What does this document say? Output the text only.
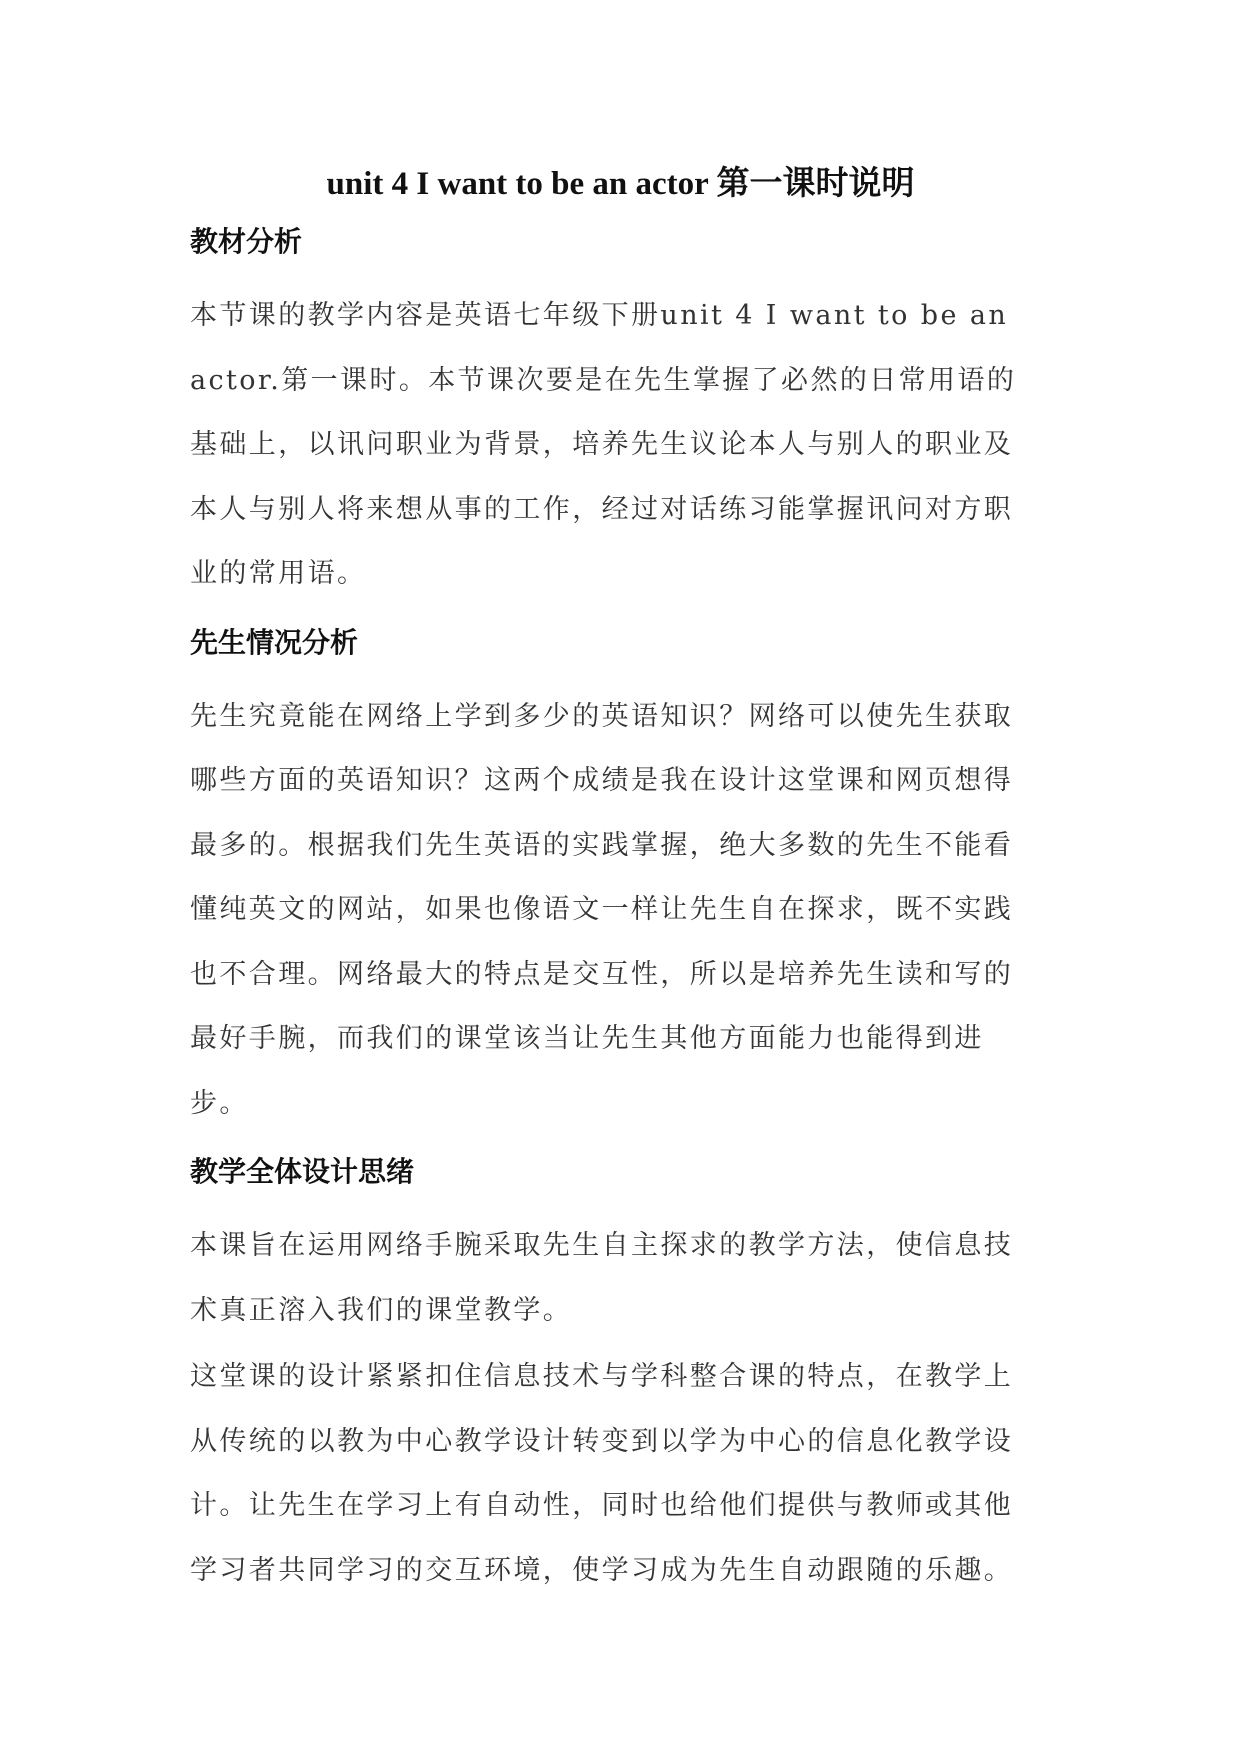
unit 4 I want to be an actor 第一课时说明
教材分析
本节课的教学内容是英语七年级下册unit 4 I want to be an
actor.第一课时。本节课次要是在先生掌握了必然的日常用语的
基础上，以讯问职业为背景，培养先生议论本人与别人的职业及
本人与别人将来想从事的工作，经过对话练习能掌握讯问对方职
业的常用语。
先生情况分析
先生究竟能在网络上学到多少的英语知识？网络可以使先生获取
哪些方面的英语知识？这两个成绩是我在设计这堂课和网页想得
最多的。根据我们先生英语的实践掌握，绝大多数的先生不能看
懂纯英文的网站，如果也像语文一样让先生自在探求，既不实践
也不合理。网络最大的特点是交互性，所以是培养先生读和写的
最好手腕，而我们的课堂该当让先生其他方面能力也能得到进
步。
教学全体设计思绪
本课旨在运用网络手腕采取先生自主探求的教学方法，使信息技
术真正溶入我们的课堂教学。
这堂课的设计紧紧扣住信息技术与学科整合课的特点，在教学上
从传统的以教为中心教学设计转变到以学为中心的信息化教学设
计。让先生在学习上有自动性，同时也给他们提供与教师或其他
学习者共同学习的交互环境，使学习成为先生自动跟随的乐趣。
